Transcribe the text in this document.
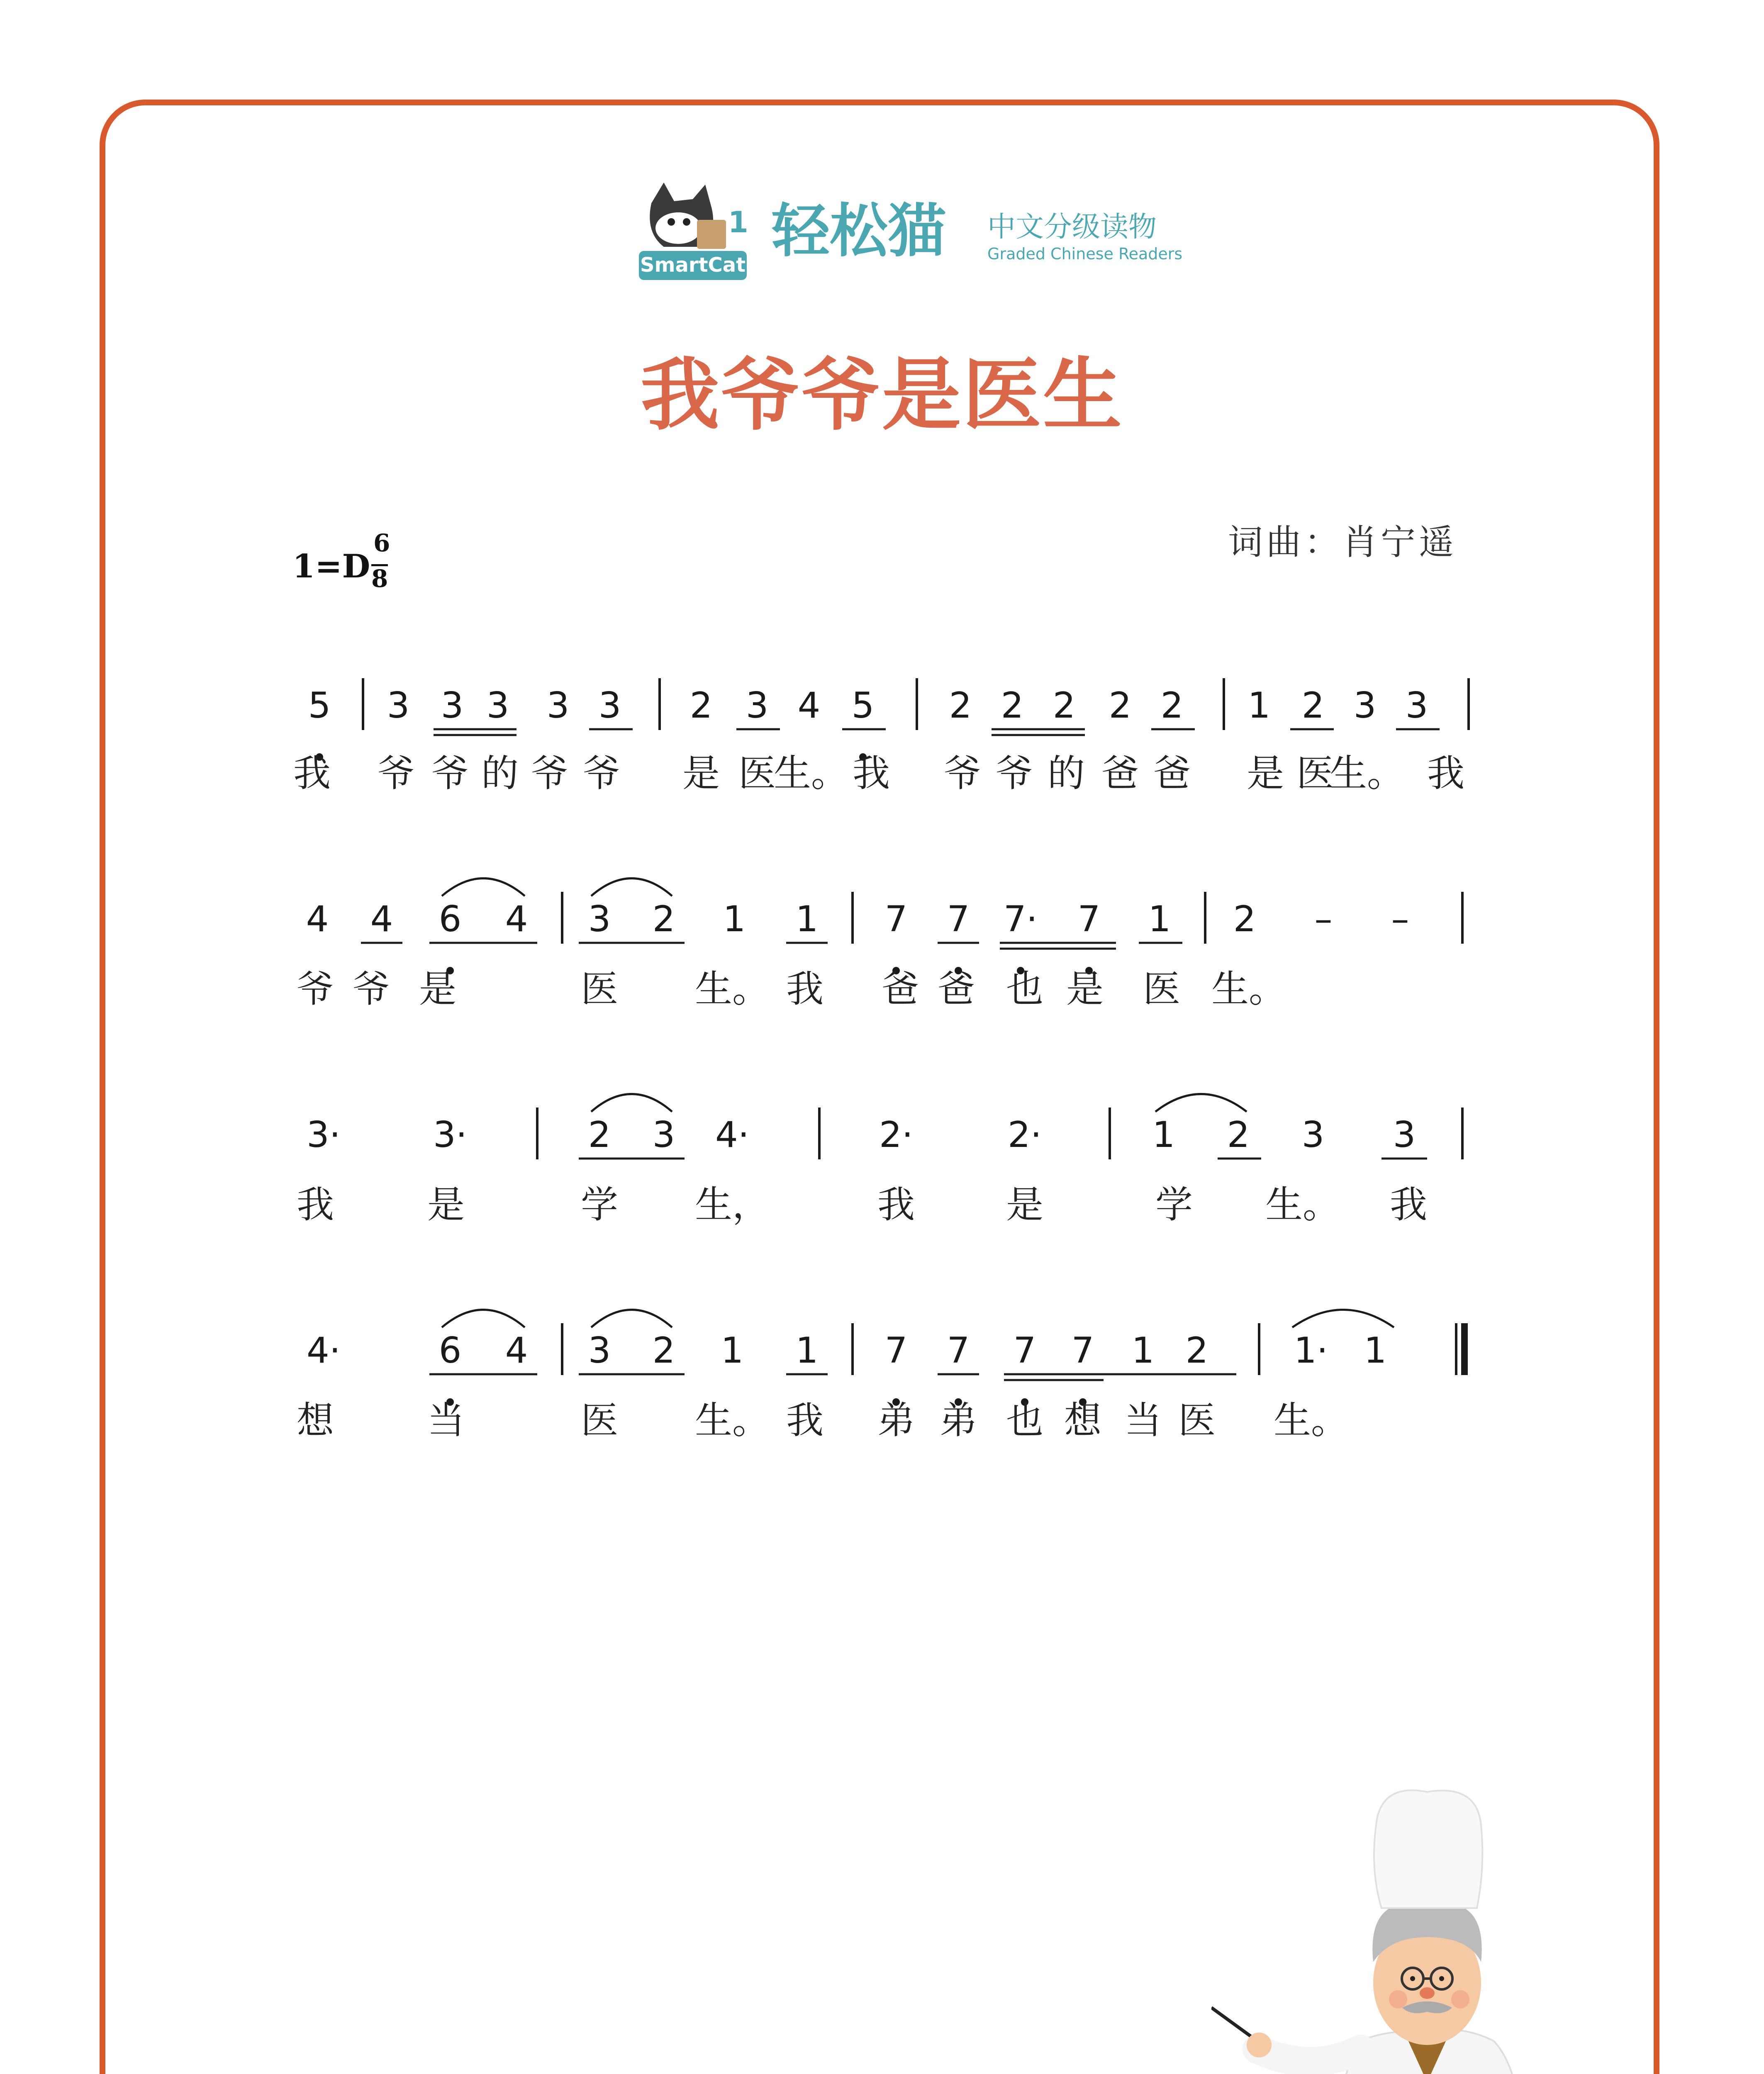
1
SmartCat 轻松猫 中文分级读物
Graded Chinese Readers
我爷爷是医生
词曲：肖宁遥
1=D
6
8
5 3 3 3 3 3 2 3 4 5 2 2 2 2 2 1 2 3 3
我 爷 爷 的 爷 爷 是 医
生。 我 爷 爷 的 爸 爸 是 医
生。 我
4 4 6 4 3 2 1 1 7 7 7· 7 1 2 – –
爷 爷 是	医 生。 我 爸 爸 也 是 医 生。
3·	3·	2 3 4·	2·	2·	1 2 3 3
我	是	学 生，	我 是	学 生。 我
4·	6 4 3 2 1 1 7 7 7 7 1 2 1· 1
想	当	医 生。 我 弟 弟 也 想 当 医 生。
